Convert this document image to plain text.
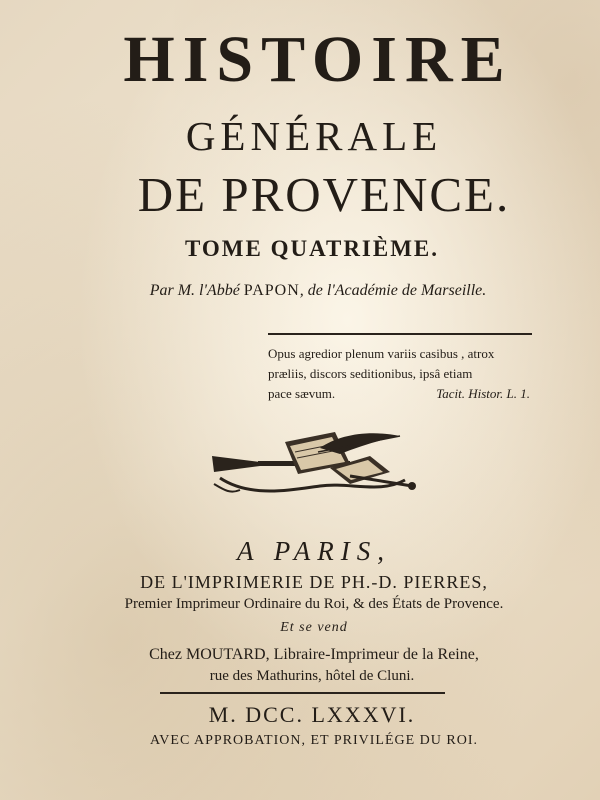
HISTOIRE
GÉNÉRALE
DE PROVENCE.
TOME QUATRIÈME.
Par M. l'Abbé PAPON, de l'Académie de Marseille.
Opus agredior plenum variis casibus , atrox
præliis, discors seditionibus, ipsâ etiam
pace sævum.	Tacit. Histor. L. 1.
A PARIS,
DE L'IMPRIMERIE DE PH.-D. PIERRES,
Premier Imprimeur Ordinaire du Roi, & des États de Provence.
Et se vend
Chez MOUTARD, Libraire-Imprimeur de la Reine,
rue des Mathurins, hôtel de Cluni.
M. DCC. LXXXVI.
AVEC APPROBATION, ET PRIVILÉGE DU ROI.
